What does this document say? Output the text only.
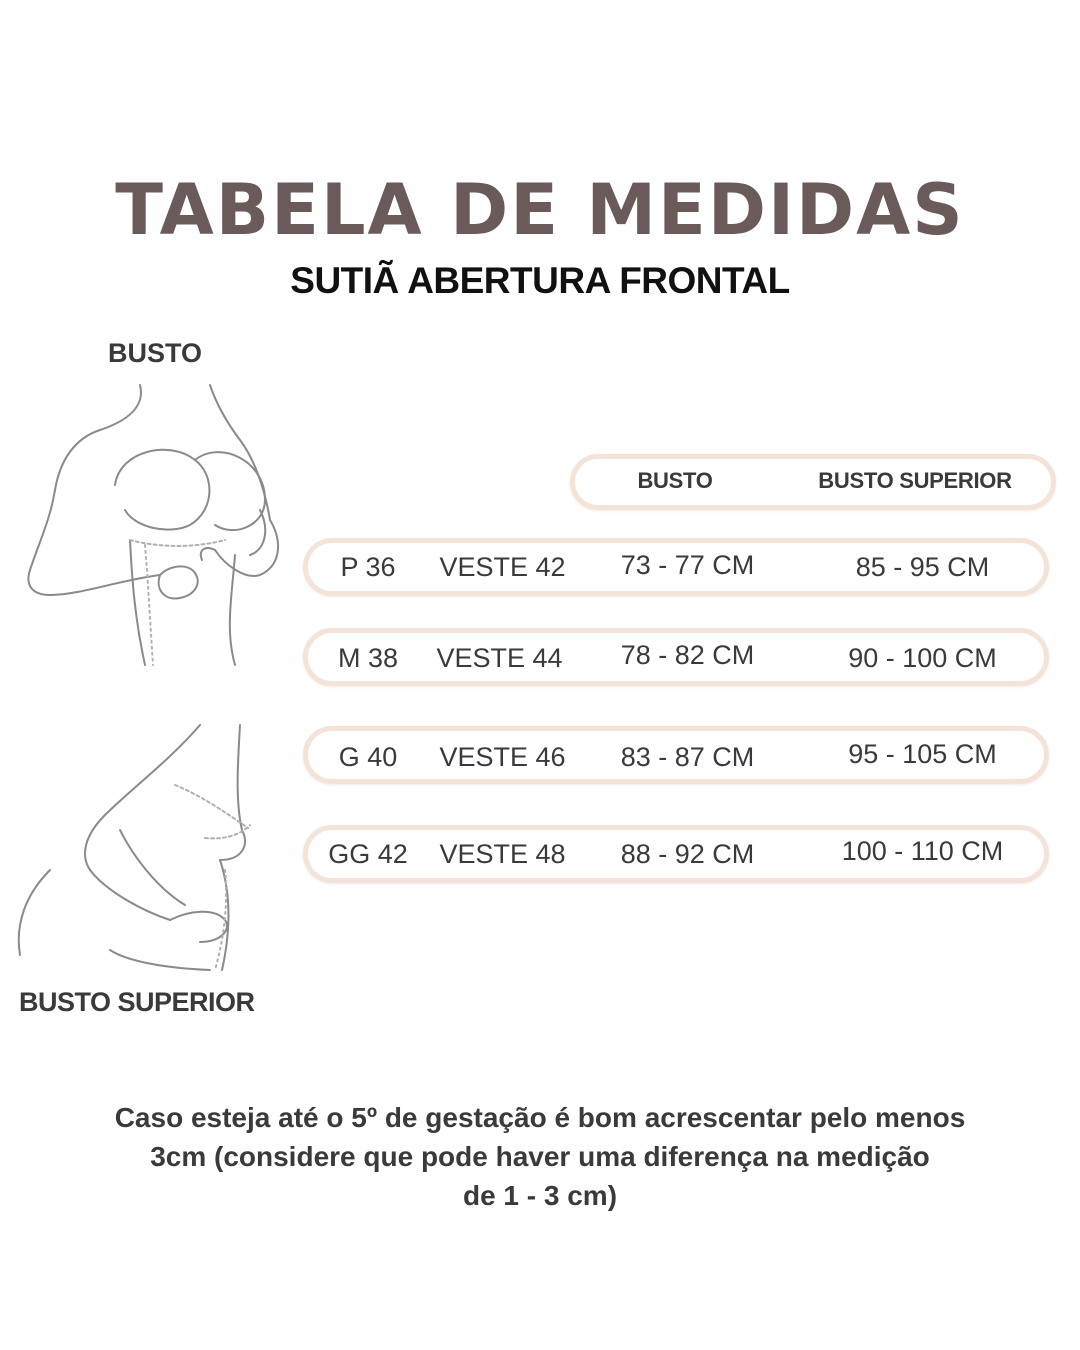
TABELA DE MEDIDAS
SUTIÃ ABERTURA FRONTAL
BUSTO
BUSTO SUPERIOR
BUSTO	BUSTO SUPERIOR
P 36	VESTE 42	73 - 77 CM	85 - 95 CM
M 38	VESTE 44	78 - 82 CM	90 - 100 CM
G 40	VESTE 46	83 - 87 CM	95 - 105 CM
GG 42	VESTE 48	88 - 92 CM	100 - 110 CM
Caso esteja até o 5º de gestação é bom acrescentar pelo menos
3cm (considere que pode haver uma diferença na medição
de 1 - 3 cm)
